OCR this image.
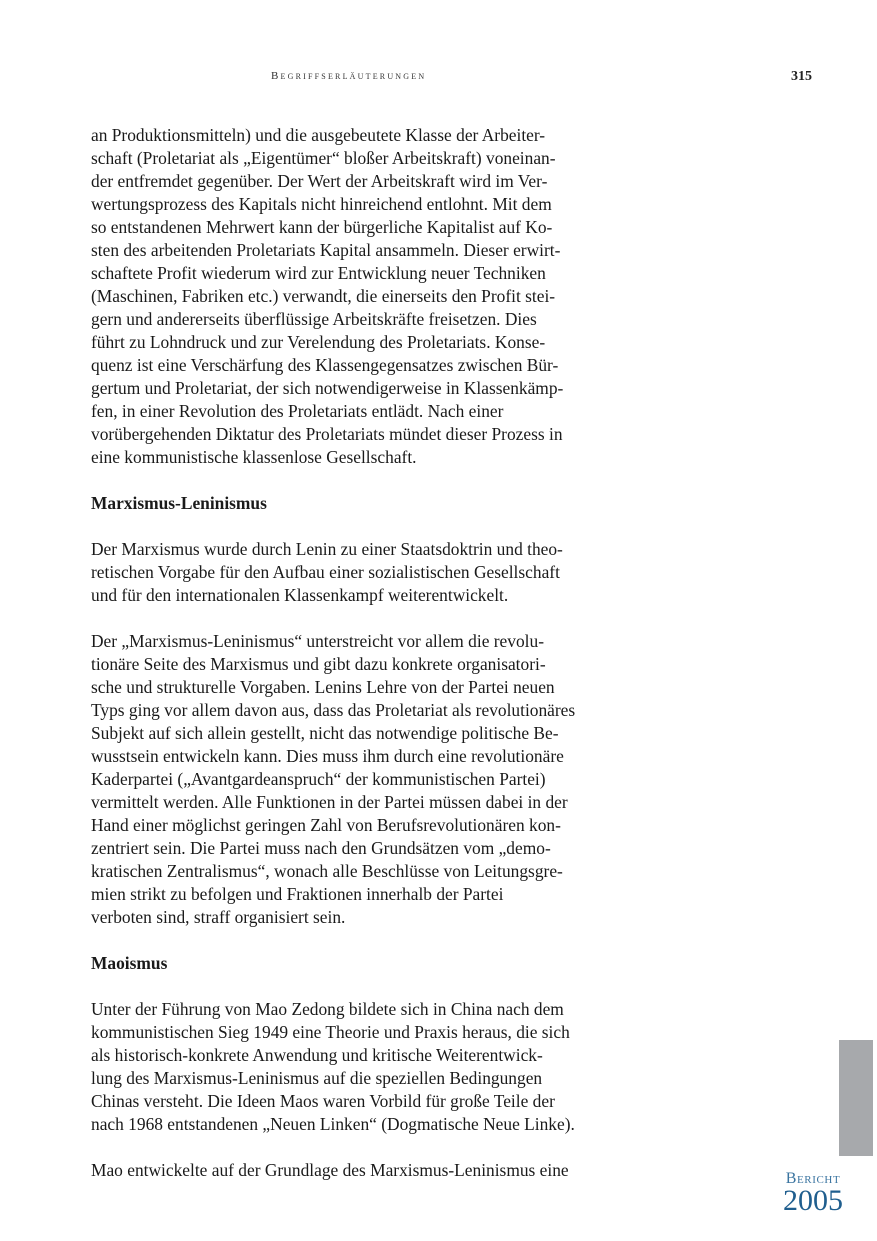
Begriffserläuterungen	315
an Produktionsmitteln) und die ausgebeutete Klasse der Arbeiter-
schaft (Proletariat als „Eigentümer“ bloßer Arbeitskraft) voneinan-
der entfremdet gegenüber. Der Wert der Arbeitskraft wird im Ver-
wertungsprozess des Kapitals nicht hinreichend entlohnt. Mit dem
so entstandenen Mehrwert kann der bürgerliche Kapitalist auf Ko-
sten des arbeitenden Proletariats Kapital ansammeln. Dieser erwirt-
schaftete Profit wiederum wird zur Entwicklung neuer Techniken
(Maschinen, Fabriken etc.) verwandt, die einerseits den Profit stei-
gern und andererseits überflüssige Arbeitskräfte freisetzen. Dies
führt zu Lohndruck und zur Verelendung des Proletariats. Konse-
quenz ist eine Verschärfung des Klassengegensatzes zwischen Bür-
gertum und Proletariat, der sich notwendigerweise in Klassenkämp-
fen, in einer Revolution des Proletariats entlädt. Nach einer
vorübergehenden Diktatur des Proletariats mündet dieser Prozess in
eine kommunistische klassenlose Gesellschaft.
Marxismus-Leninismus
Der Marxismus wurde durch Lenin zu einer Staatsdoktrin und theo-
retischen Vorgabe für den Aufbau einer sozialistischen Gesellschaft
und für den internationalen Klassenkampf weiterentwickelt.
Der „Marxismus-Leninismus“ unterstreicht vor allem die revolu-
tionäre Seite des Marxismus und gibt dazu konkrete organisatori-
sche und strukturelle Vorgaben. Lenins Lehre von der Partei neuen
Typs ging vor allem davon aus, dass das Proletariat als revolutionäres
Subjekt auf sich allein gestellt, nicht das notwendige politische Be-
wusstsein entwickeln kann. Dies muss ihm durch eine revolutionäre
Kaderpartei („Avantgardeanspruch“ der kommunistischen Partei)
vermittelt werden. Alle Funktionen in der Partei müssen dabei in der
Hand einer möglichst geringen Zahl von Berufsrevolutionären kon-
zentriert sein. Die Partei muss nach den Grundsätzen vom „demo-
kratischen Zentralismus“, wonach alle Beschlüsse von Leitungsgre-
mien strikt zu befolgen und Fraktionen innerhalb der Partei
verboten sind, straff organisiert sein.
Maoismus
Unter der Führung von Mao Zedong bildete sich in China nach dem
kommunistischen Sieg 1949 eine Theorie und Praxis heraus, die sich
als historisch-konkrete Anwendung und kritische Weiterentwick-
lung des Marxismus-Leninismus auf die speziellen Bedingungen
Chinas versteht. Die Ideen Maos waren Vorbild für große Teile der
nach 1968 entstandenen „Neuen Linken“ (Dogmatische Neue Linke).
Mao entwickelte auf der Grundlage des Marxismus-Leninismus eine	Bericht
2005
